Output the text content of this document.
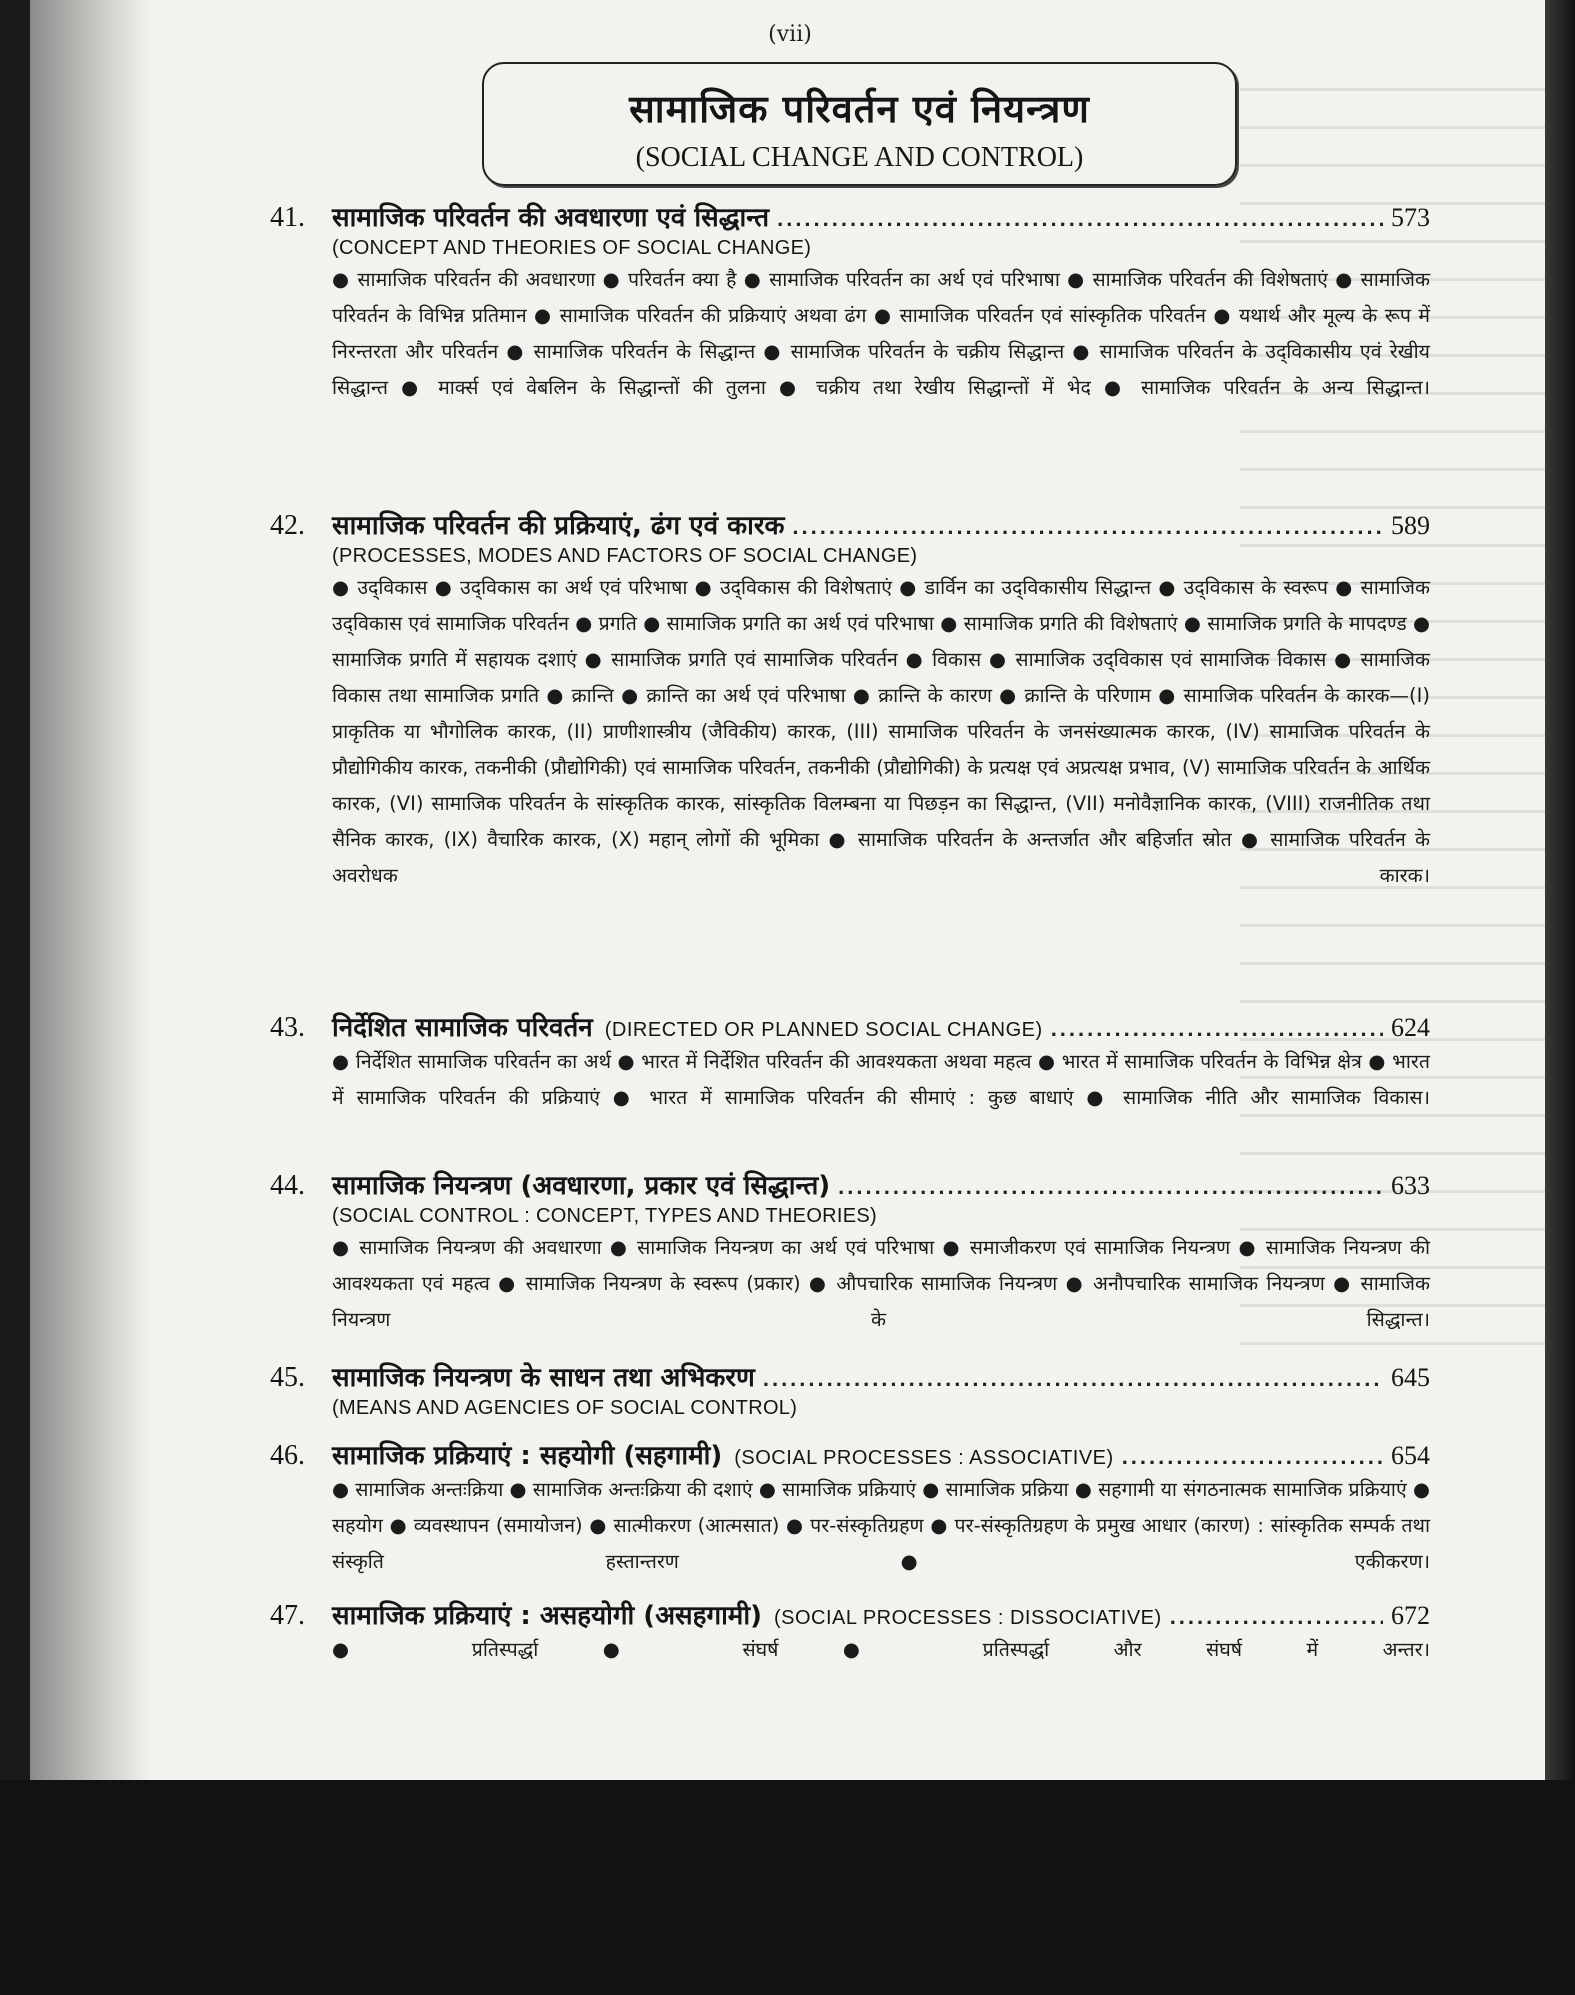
(vii)
सामाजिक परिवर्तन एवं नियन्त्रण
(SOCIAL CHANGE AND CONTROL)
41.	सामाजिक परिवर्तन की अवधारणा एवं सिद्धान्त .....	573
(CONCEPT AND THEORIES OF SOCIAL CHANGE)
● सामाजिक परिवर्तन की अवधारणा ● परिवर्तन क्या है ● सामाजिक परिवर्तन का अर्थ एवं परिभाषा ● सामाजिक परिवर्तन की विशेषताएं ● सामाजिक परिवर्तन के विभिन्न प्रतिमान ● सामाजिक परिवर्तन की प्रक्रियाएं अथवा ढंग ● सामाजिक परिवर्तन एवं सांस्कृतिक परिवर्तन ● यथार्थ और मूल्य के रूप में निरन्तरता और परिवर्तन ● सामाजिक परिवर्तन के सिद्धान्त ● सामाजिक परिवर्तन के चक्रीय सिद्धान्त ● सामाजिक परिवर्तन के उद्‌विकासीय एवं रेखीय सिद्धान्त ● मार्क्स एवं वेबलिन के सिद्धान्तों की तुलना ● चक्रीय तथा रेखीय सिद्धान्तों में भेद ● सामाजिक परिवर्तन के अन्य सिद्धान्त।
42.	सामाजिक परिवर्तन की प्रक्रियाएं, ढंग एवं कारक .....	589
(PROCESSES, MODES AND FACTORS OF SOCIAL CHANGE)
● उद्‌विकास ● उद्‌विकास का अर्थ एवं परिभाषा ● उद्‌विकास की विशेषताएं ● डार्विन का उद्‌विकासीय सिद्धान्त ● उद्‌विकास के स्वरूप ● सामाजिक उद्‌विकास एवं सामाजिक परिवर्तन ● प्रगति ● सामाजिक प्रगति का अर्थ एवं परिभाषा ● सामाजिक प्रगति की विशेषताएं ● सामाजिक प्रगति के मापदण्ड ● सामाजिक प्रगति में सहायक दशाएं ● सामाजिक प्रगति एवं सामाजिक परिवर्तन ● विकास ● सामाजिक उद्‌विकास एवं सामाजिक विकास ● सामाजिक विकास तथा सामाजिक प्रगति ● क्रान्ति ● क्रान्ति का अर्थ एवं परिभाषा ● क्रान्ति के कारण ● क्रान्ति के परिणाम ● सामाजिक परिवर्तन के कारक—(I) प्राकृतिक या भौगोलिक कारक, (II) प्राणीशास्त्रीय (जैविकीय) कारक, (III) सामाजिक परिवर्तन के जनसंख्यात्मक कारक, (IV) सामाजिक परिवर्तन के प्रौद्योगिकीय कारक, तकनीकी (प्रौद्योगिकी) एवं सामाजिक परिवर्तन, तकनीकी (प्रौद्योगिकी) के प्रत्यक्ष एवं अप्रत्यक्ष प्रभाव, (V) सामाजिक परिवर्तन के आर्थिक कारक, (VI) सामाजिक परिवर्तन के सांस्कृतिक कारक, सांस्कृतिक विलम्बना या पिछड़न का सिद्धान्त, (VII) मनोवैज्ञानिक कारक, (VIII) राजनीतिक तथा सैनिक कारक, (IX) वैचारिक कारक, (X) महान् लोगों की भूमिका ● सामाजिक परिवर्तन के अन्तर्जात और बहिर्जात स्रोत ● सामाजिक परिवर्तन के अवरोधक कारक।
43.	निर्देशित सामाजिक परिवर्तन (DIRECTED OR PLANNED SOCIAL CHANGE) .....	624
● निर्देशित सामाजिक परिवर्तन का अर्थ ● भारत में निर्देशित परिवर्तन की आवश्यकता अथवा महत्व ● भारत में सामाजिक परिवर्तन के विभिन्न क्षेत्र ● भारत में सामाजिक परिवर्तन की प्रक्रियाएं ● भारत में सामाजिक परिवर्तन की सीमाएं : कुछ बाधाएं ● सामाजिक नीति और सामाजिक विकास।
44.	सामाजिक नियन्त्रण (अवधारणा, प्रकार एवं सिद्धान्त) .....	633
(SOCIAL CONTROL : CONCEPT, TYPES AND THEORIES)
● सामाजिक नियन्त्रण की अवधारणा ● सामाजिक नियन्त्रण का अर्थ एवं परिभाषा ● समाजीकरण एवं सामाजिक नियन्त्रण ● सामाजिक नियन्त्रण की आवश्यकता एवं महत्व ● सामाजिक नियन्त्रण के स्वरूप (प्रकार) ● औपचारिक सामाजिक नियन्त्रण ● अनौपचारिक सामाजिक नियन्त्रण ● सामाजिक नियन्त्रण के सिद्धान्त।
45.	सामाजिक नियन्त्रण के साधन तथा अभिकरण .....	645
(MEANS AND AGENCIES OF SOCIAL CONTROL)
46.	सामाजिक प्रक्रियाएं : सहयोगी (सहगामी) (SOCIAL PROCESSES : ASSOCIATIVE) .....	654
● सामाजिक अन्तःक्रिया ● सामाजिक अन्तःक्रिया की दशाएं ● सामाजिक प्रक्रियाएं ● सामाजिक प्रक्रिया ● सहगामी या संगठनात्मक सामाजिक प्रक्रियाएं ● सहयोग ● व्यवस्थापन (समायोजन) ● सात्मीकरण (आत्मसात) ● पर-संस्कृतिग्रहण ● पर-संस्कृतिग्रहण के प्रमुख आधार (कारण) : सांस्कृतिक सम्पर्क तथा संस्कृति हस्तान्तरण ● एकीकरण।
47.	सामाजिक प्रक्रियाएं : असहयोगी (असहगामी) (SOCIAL PROCESSES : DISSOCIATIVE) .....	672
● प्रतिस्पर्द्धा ● संघर्ष ● प्रतिस्पर्द्धा और संघर्ष में अन्तर।
